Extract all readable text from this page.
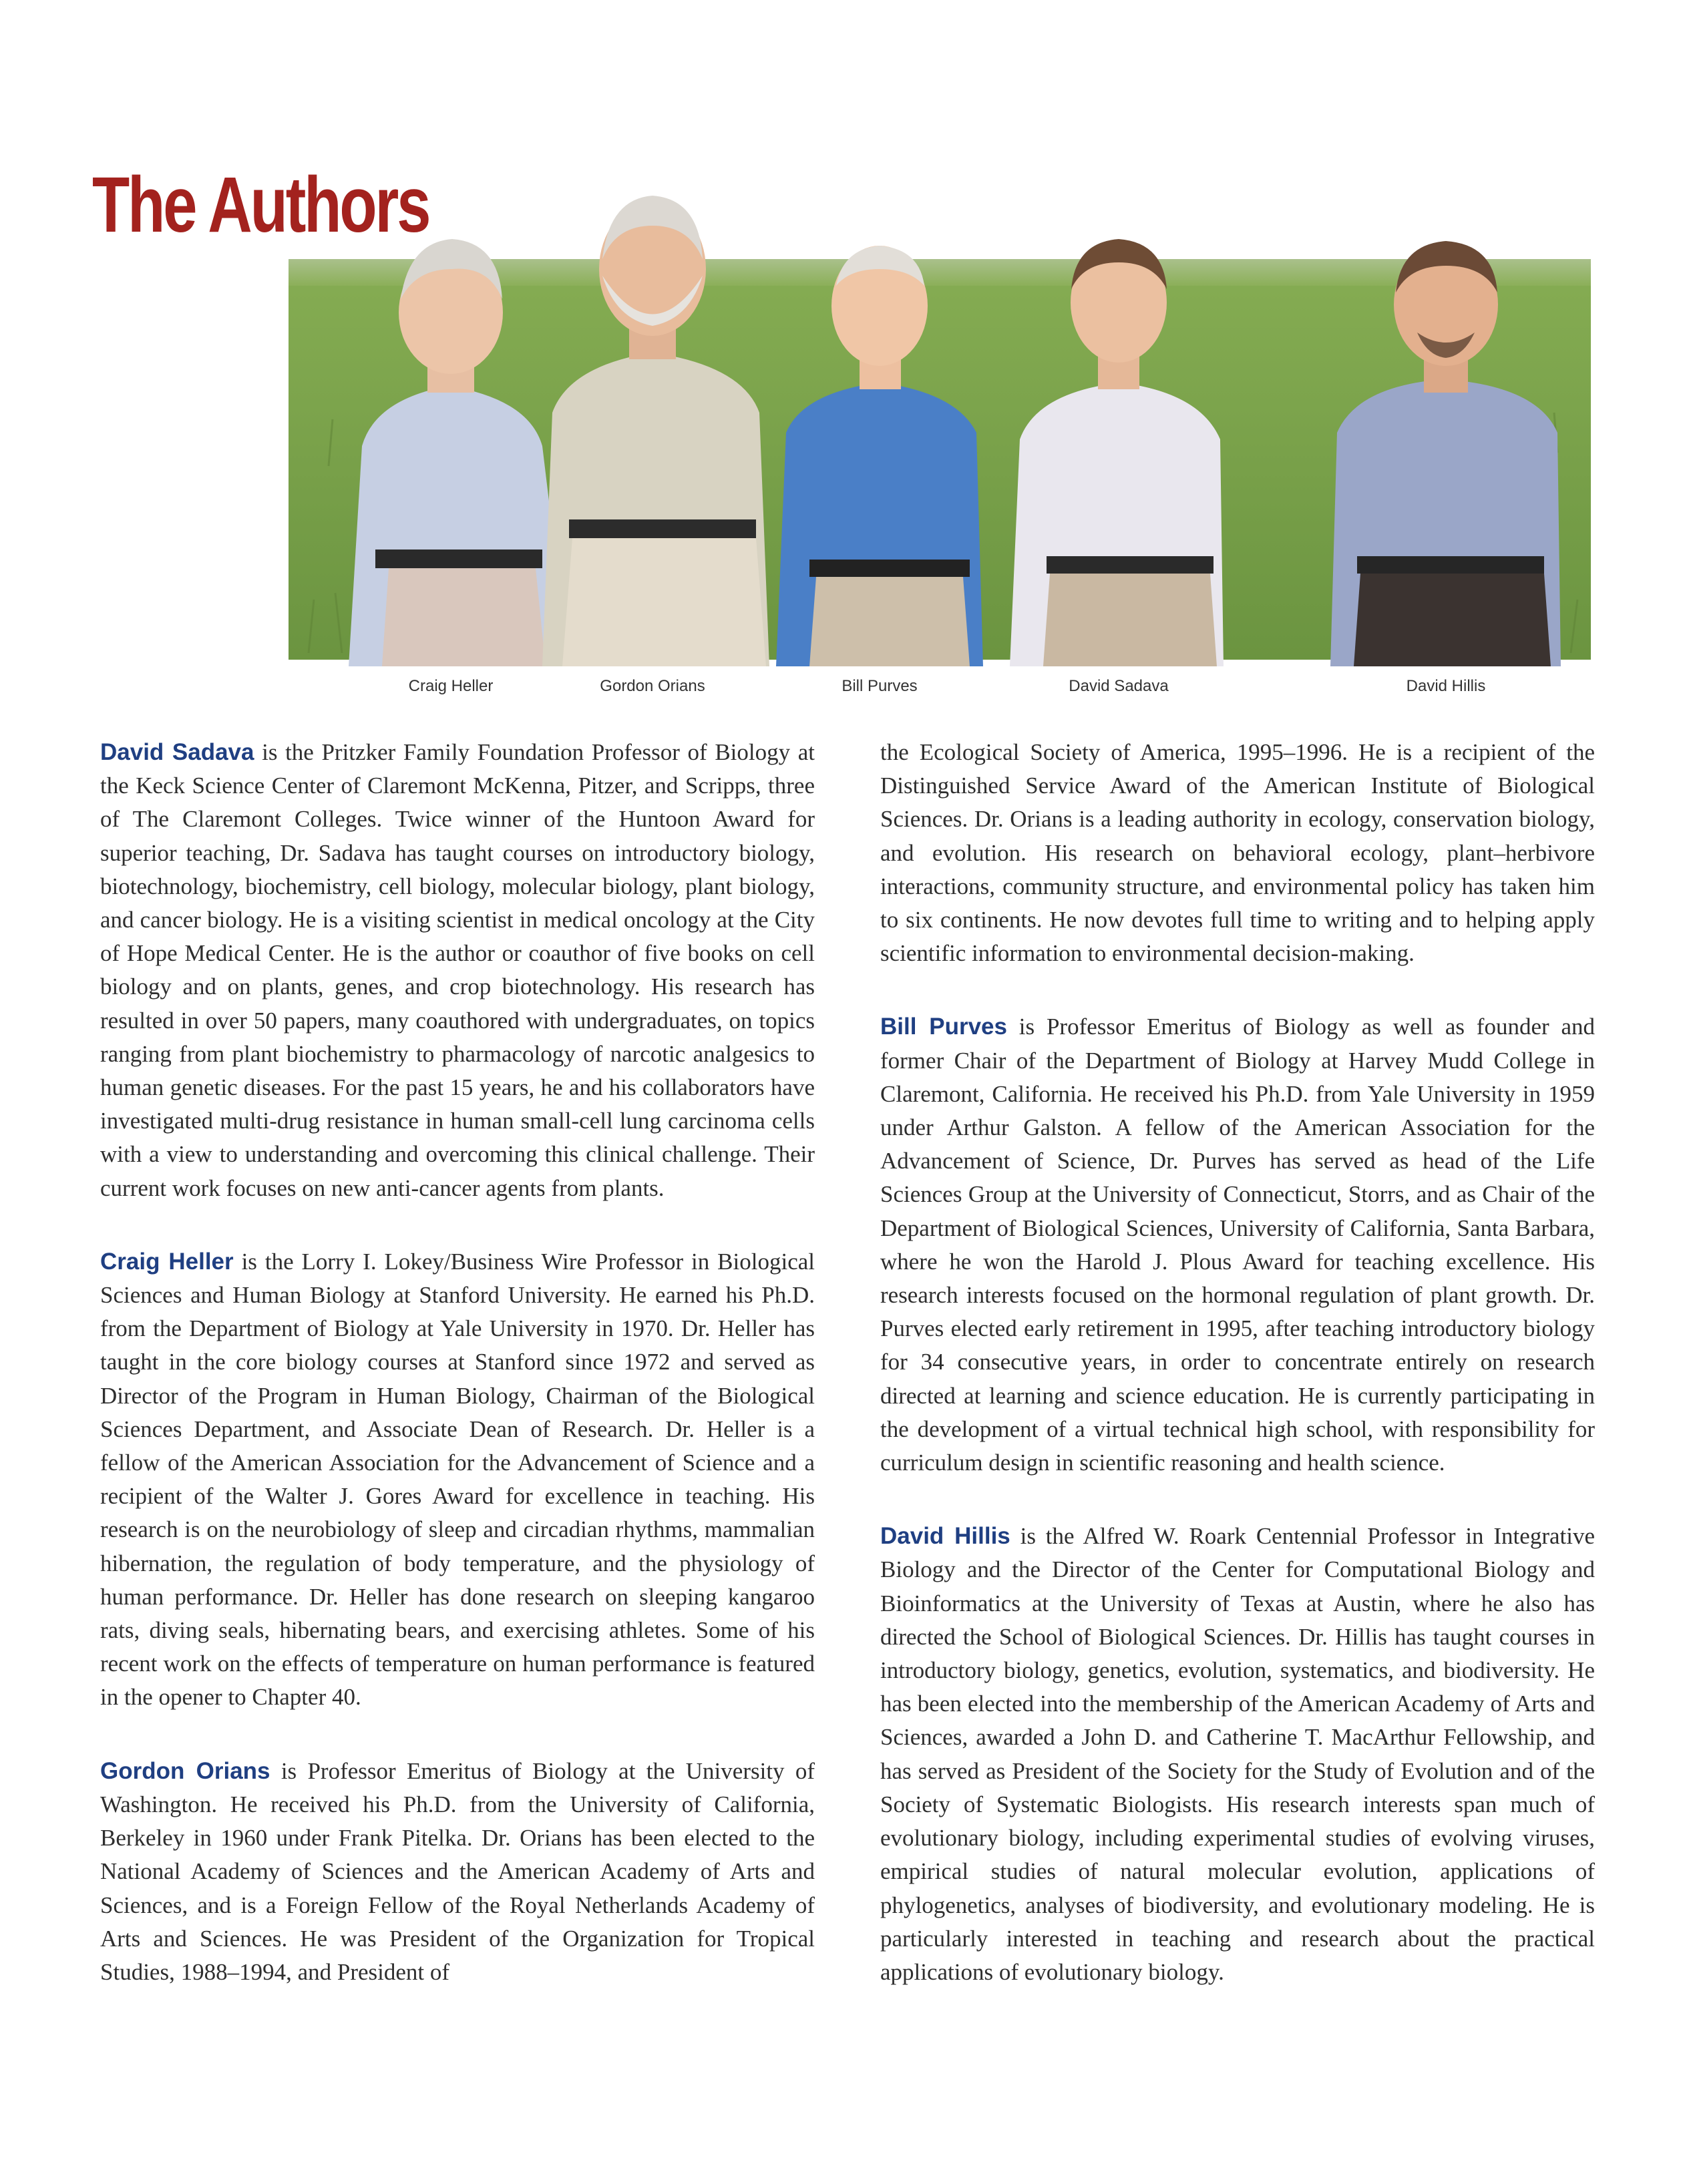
The Authors
Craig Heller	Gordon Orians	Bill Purves	David Sadava	David Hillis

David Sadava is the Pritzker Family Foundation Professor of Biology at the Keck Science Center of Claremont McKenna, Pitzer, and Scripps, three of The Claremont Colleges. Twice winner of the Huntoon Award for superior teaching, Dr. Sadava has taught courses on introductory biology, biotechnology, biochemistry, cell biology, molecular biology, plant biology, and cancer biology. He is a visiting scientist in medical oncology at the City of Hope Medical Center. He is the author or coauthor of five books on cell biology and on plants, genes, and crop biotechnology. His research has resulted in over 50 papers, many coauthored with undergraduates, on topics ranging from plant biochemistry to pharmacology of narcotic analgesics to human genetic diseases. For the past 15 years, he and his collaborators have investigated multi-drug resistance in human small-cell lung carcinoma cells with a view to understanding and overcoming this clinical challenge. Their current work focuses on new anti-cancer agents from plants.

Craig Heller is the Lorry I. Lokey/Business Wire Professor in Biological Sciences and Human Biology at Stanford University. He earned his Ph.D. from the Department of Biology at Yale University in 1970. Dr. Heller has taught in the core biology courses at Stanford since 1972 and served as Director of the Program in Human Biology, Chairman of the Biological Sciences Department, and Associate Dean of Research. Dr. Heller is a fellow of the American Association for the Advancement of Science and a recipient of the Walter J. Gores Award for excellence in teaching. His research is on the neurobiology of sleep and circadian rhythms, mammalian hibernation, the regulation of body temperature, and the physiology of human performance. Dr. Heller has done research on sleeping kangaroo rats, diving seals, hibernating bears, and exercising athletes. Some of his recent work on the effects of temperature on human performance is featured in the opener to Chapter 40.

Gordon Orians is Professor Emeritus of Biology at the University of Washington. He received his Ph.D. from the University of California, Berkeley in 1960 under Frank Pitelka. Dr. Orians has been elected to the National Academy of Sciences and the American Academy of Arts and Sciences, and is a Foreign Fellow of the Royal Netherlands Academy of Arts and Sciences. He was President of the Organization for Tropical Studies, 1988–1994, and President of

the Ecological Society of America, 1995–1996. He is a recipient of the Distinguished Service Award of the American Institute of Biological Sciences. Dr. Orians is a leading authority in ecology, conservation biology, and evolution. His research on behavioral ecology, plant–herbivore interactions, community structure, and environmental policy has taken him to six continents. He now devotes full time to writing and to helping apply scientific information to environmental decision-making.

Bill Purves is Professor Emeritus of Biology as well as founder and former Chair of the Department of Biology at Harvey Mudd College in Claremont, California. He received his Ph.D. from Yale University in 1959 under Arthur Galston. A fellow of the American Association for the Advancement of Science, Dr. Purves has served as head of the Life Sciences Group at the University of Connecticut, Storrs, and as Chair of the Department of Biological Sciences, University of California, Santa Barbara, where he won the Harold J. Plous Award for teaching excellence. His research interests focused on the hormonal regulation of plant growth. Dr. Purves elected early retirement in 1995, after teaching introductory biology for 34 consecutive years, in order to concentrate entirely on research directed at learning and science education. He is currently participating in the development of a virtual technical high school, with responsibility for curriculum design in scientific reasoning and health science.

David Hillis is the Alfred W. Roark Centennial Professor in Integrative Biology and the Director of the Center for Computational Biology and Bioinformatics at the University of Texas at Austin, where he also has directed the School of Biological Sciences. Dr. Hillis has taught courses in introductory biology, genetics, evolution, systematics, and biodiversity. He has been elected into the membership of the American Academy of Arts and Sciences, awarded a John D. and Catherine T. MacArthur Fellowship, and has served as President of the Society for the Study of Evolution and of the Society of Systematic Biologists. His research interests span much of evolutionary biology, including experimental studies of evolving viruses, empirical studies of natural molecular evolution, applications of phylogenetics, analyses of biodiversity, and evolutionary modeling. He is particularly interested in teaching and research about the practical applications of evolutionary biology.
